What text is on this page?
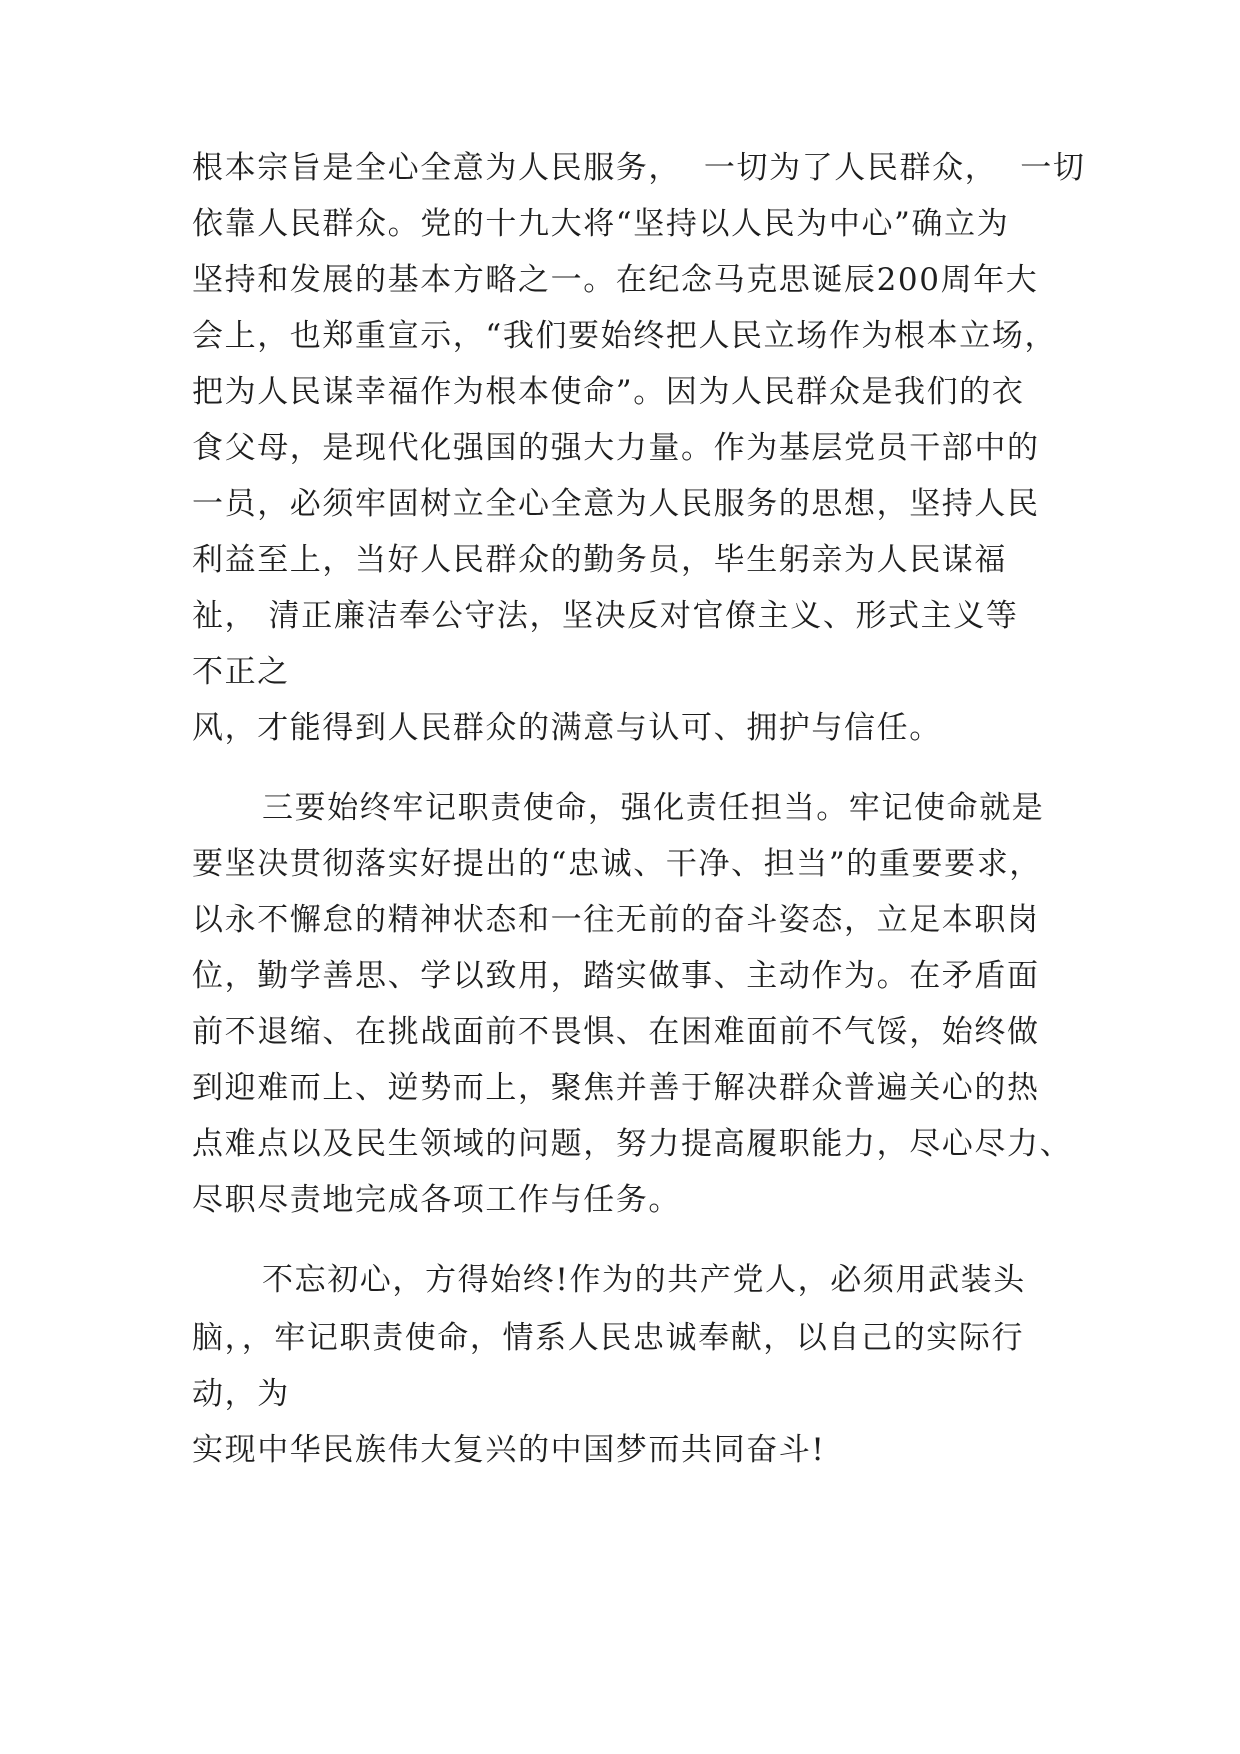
根本宗旨是全心全意为人民服务，  一切为了人民群众，  一切
依靠人民群众。党的十九大将“坚持以人民为中心”确立为
坚持和发展的基本方略之一。在纪念马克思诞辰200周年大
会上，也郑重宣示，“我们要始终把人民立场作为根本立场，
把为人民谋幸福作为根本使命”。因为人民群众是我们的衣
食父母，是现代化强国的强大力量。作为基层党员干部中的
一员，必须牢固树立全心全意为人民服务的思想，坚持人民
利益至上，当好人民群众的勤务员，毕生躬亲为人民谋福
祉， 清正廉洁奉公守法，坚决反对官僚主义、形式主义等
不正之
风，才能得到人民群众的满意与认可、拥护与信任。
三要始终牢记职责使命，强化责任担当。牢记使命就是
要坚决贯彻落实好提出的“忠诚、干净、担当”的重要要求，
以永不懈怠的精神状态和一往无前的奋斗姿态，立足本职岗
位，勤学善思、学以致用，踏实做事、主动作为。在矛盾面
前不退缩、在挑战面前不畏惧、在困难面前不气馁，始终做
到迎难而上、逆势而上，聚焦并善于解决群众普遍关心的热
点难点以及民生领域的问题，努力提高履职能力，尽心尽力、
尽职尽责地完成各项工作与任务。
不忘初心，方得始终!作为的共产党人，必须用武装头
脑，，牢记职责使命，情系人民忠诚奉献，以自己的实际行
动，为
实现中华民族伟大复兴的中国梦而共同奋斗!
